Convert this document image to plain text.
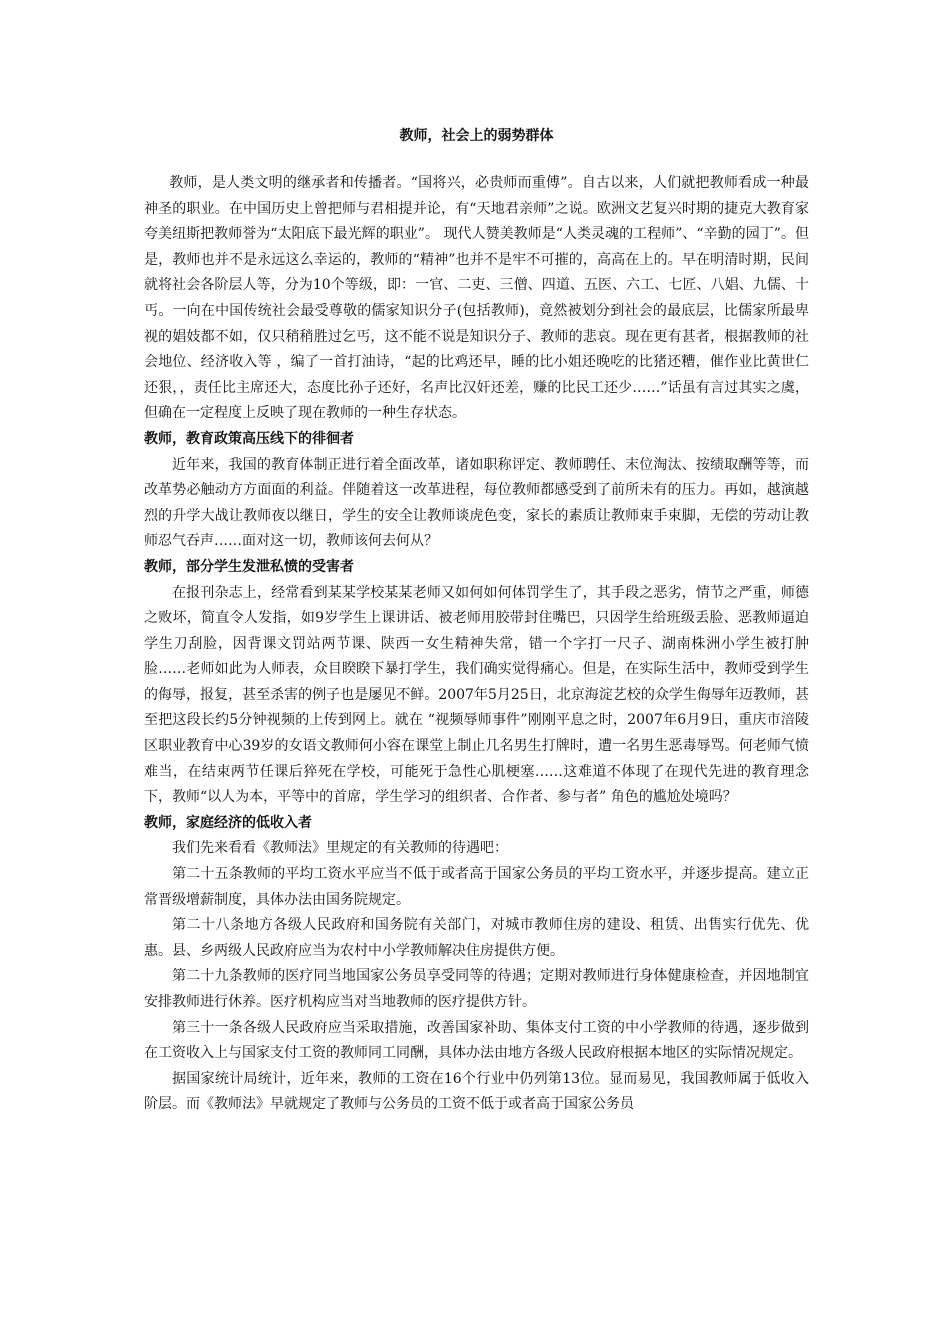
教师，社会上的弱势群体

教师，是人类文明的继承者和传播者。“国将兴，必贵师而重傅”。自古以来，人们就把教师看成一种最神圣的职业。在中国历史上曾把师与君相提并论，有“天地君亲师”之说。欧洲文艺复兴时期的捷克大教育家夸美纽斯把教师誉为“太阳底下最光辉的职业”。 现代人赞美教师是“人类灵魂的工程师”、“辛勤的园丁”。但是，教师也并不是永远这么幸运的，教师的“精神”也并不是牢不可摧的，高高在上的。早在明清时期，民间就将社会各阶层人等，分为10个等级，即：一官、二吏、三僧、四道、五医、六工、七匠、八娼、九儒、十丐。一向在中国传统社会最受尊敬的儒家知识分子(包括教师)，竟然被划分到社会的最底层，比儒家所最卑视的娼妓都不如，仅只稍稍胜过乞丐，这不能不说是知识分子、教师的悲哀。现在更有甚者，根据教师的社会地位、经济收入等 ，编了一首打油诗，“起的比鸡还早，睡的比小姐还晚吃的比猪还糟，催作业比黄世仁还狠，，责任比主席还大，态度比孙子还好，名声比汉奸还差，赚的比民工还少……”话虽有言过其实之虞，但确在一定程度上反映了现在教师的一种生存状态。

教师，教育政策高压线下的徘徊者

近年来，我国的教育体制正进行着全面改革，诸如职称评定、教师聘任、末位淘汰、按绩取酬等等，而改革势必触动方方面面的利益。伴随着这一改革进程，每位教师都感受到了前所未有的压力。再如，越演越烈的升学大战让教师夜以继日，学生的安全让教师谈虎色变，家长的素质让教师束手束脚，无偿的劳动让教师忍气吞声……面对这一切，教师该何去何从？

教师，部分学生发泄私愤的受害者

在报刊杂志上，经常看到某某学校某某老师又如何如何体罚学生了，其手段之恶劣，情节之严重，师德之败坏，简直令人发指，如9岁学生上课讲话、被老师用胶带封住嘴巴，只因学生给班级丢脸、恶教师逼迫学生刀刮脸，因背课文罚站两节课、陕西一女生精神失常，错一个字打一尺子、湖南株洲小学生被打肿脸……老师如此为人师表，众目睽睽下暴打学生，我们确实觉得痛心。但是，在实际生活中，教师受到学生的侮辱，报复，甚至杀害的例子也是屡见不鲜。2007年5月25日，北京海淀艺校的众学生侮辱年迈教师，甚至把这段长约5分钟视频的上传到网上。就在 “视频辱师事件”刚刚平息之时，2007年6月9日，重庆市涪陵区职业教育中心39岁的女语文教师何小容在课堂上制止几名男生打牌时，遭一名男生恶毒辱骂。何老师气愤难当，在结束两节任课后猝死在学校，可能死于急性心肌梗塞……这难道不体现了在现代先进的教育理念下，教师“以人为本，平等中的首席，学生学习的组织者、合作者、参与者” 角色的尴尬处境吗？

教师，家庭经济的低收入者

我们先来看看《教师法》里规定的有关教师的待遇吧：

第二十五条教师的平均工资水平应当不低于或者高于国家公务员的平均工资水平，并逐步提高。建立正常晋级增薪制度，具体办法由国务院规定。

第二十八条地方各级人民政府和国务院有关部门，对城市教师住房的建设、租赁、出售实行优先、优惠。县、乡两级人民政府应当为农村中小学教师解决住房提供方便。

第二十九条教师的医疗同当地国家公务员享受同等的待遇；定期对教师进行身体健康检查，并因地制宜安排教师进行休养。医疗机构应当对当地教师的医疗提供方针。

第三十一条各级人民政府应当采取措施，改善国家补助、集体支付工资的中小学教师的待遇，逐步做到在工资收入上与国家支付工资的教师同工同酬，具体办法由地方各级人民政府根据本地区的实际情况规定。

据国家统计局统计，近年来，教师的工资在16个行业中仍列第13位。显而易见，我国教师属于低收入阶层。而《教师法》早就规定了教师与公务员的工资不低于或者高于国家公务员
